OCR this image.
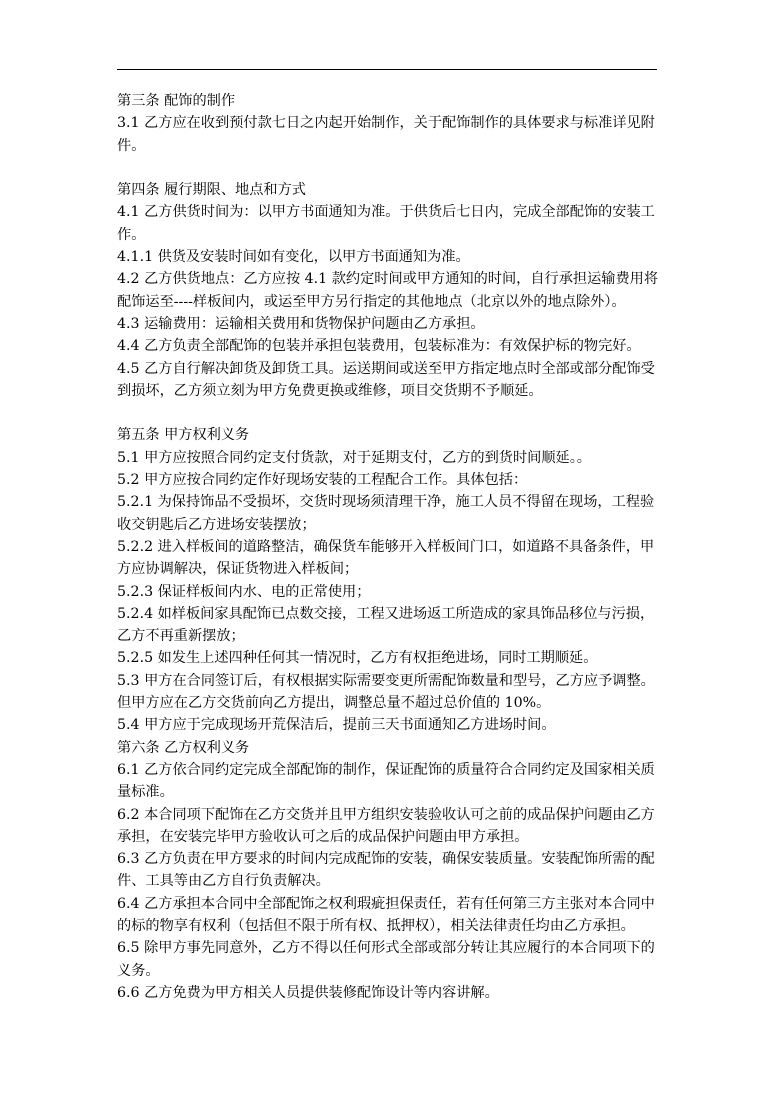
第三条 配饰的制作

3.1 乙方应在收到预付款七日之内起开始制作，关于配饰制作的具体要求与标准详见附件。

第四条 履行期限、地点和方式

4.1 乙方供货时间为：以甲方书面通知为准。于供货后七日内，完成全部配饰的安装工作。

4.1.1 供货及安装时间如有变化，以甲方书面通知为准。

4.2 乙方供货地点：乙方应按 4.1 款约定时间或甲方通知的时间，自行承担运输费用将配饰运至----样板间内，或运至甲方另行指定的其他地点（北京以外的地点除外）。

4.3 运输费用：运输相关费用和货物保护问题由乙方承担。

4.4 乙方负责全部配饰的包装并承担包装费用，包装标准为：有效保护标的物完好。

4.5 乙方自行解决卸货及卸货工具。运送期间或送至甲方指定地点时全部或部分配饰受到损坏，乙方须立刻为甲方免费更换或维修，项目交货期不予顺延。

第五条 甲方权利义务

5.1 甲方应按照合同约定支付货款，对于延期支付，乙方的到货时间顺延。。

5.2 甲方应按合同约定作好现场安装的工程配合工作。具体包括：

5.2.1 为保持饰品不受损坏，交货时现场须清理干净，施工人员不得留在现场，工程验收交钥匙后乙方进场安装摆放；

5.2.2 进入样板间的道路整洁，确保货车能够开入样板间门口，如道路不具备条件，甲方应协调解决，保证货物进入样板间；

5.2.3 保证样板间内水、电的正常使用；

5.2.4 如样板间家具配饰已点数交接，工程又进场返工所造成的家具饰品移位与污损，乙方不再重新摆放；

5.2.5 如发生上述四种任何其一情况时，乙方有权拒绝进场，同时工期顺延。

5.3 甲方在合同签订后，有权根据实际需要变更所需配饰数量和型号，乙方应予调整。但甲方应在乙方交货前向乙方提出，调整总量不超过总价值的 10%。

5.4 甲方应于完成现场开荒保洁后，提前三天书面通知乙方进场时间。

第六条 乙方权利义务

6.1 乙方依合同约定完成全部配饰的制作，保证配饰的质量符合合同约定及国家相关质量标准。

6.2 本合同项下配饰在乙方交货并且甲方组织安装验收认可之前的成品保护问题由乙方承担，在安装完毕甲方验收认可之后的成品保护问题由甲方承担。

6.3 乙方负责在甲方要求的时间内完成配饰的安装，确保安装质量。安装配饰所需的配件、工具等由乙方自行负责解决。

6.4 乙方承担本合同中全部配饰之权利瑕疵担保责任，若有任何第三方主张对本合同中的标的物享有权利（包括但不限于所有权、抵押权），相关法律责任均由乙方承担。

6.5 除甲方事先同意外，乙方不得以任何形式全部或部分转让其应履行的本合同项下的义务。

6.6 乙方免费为甲方相关人员提供装修配饰设计等内容讲解。
